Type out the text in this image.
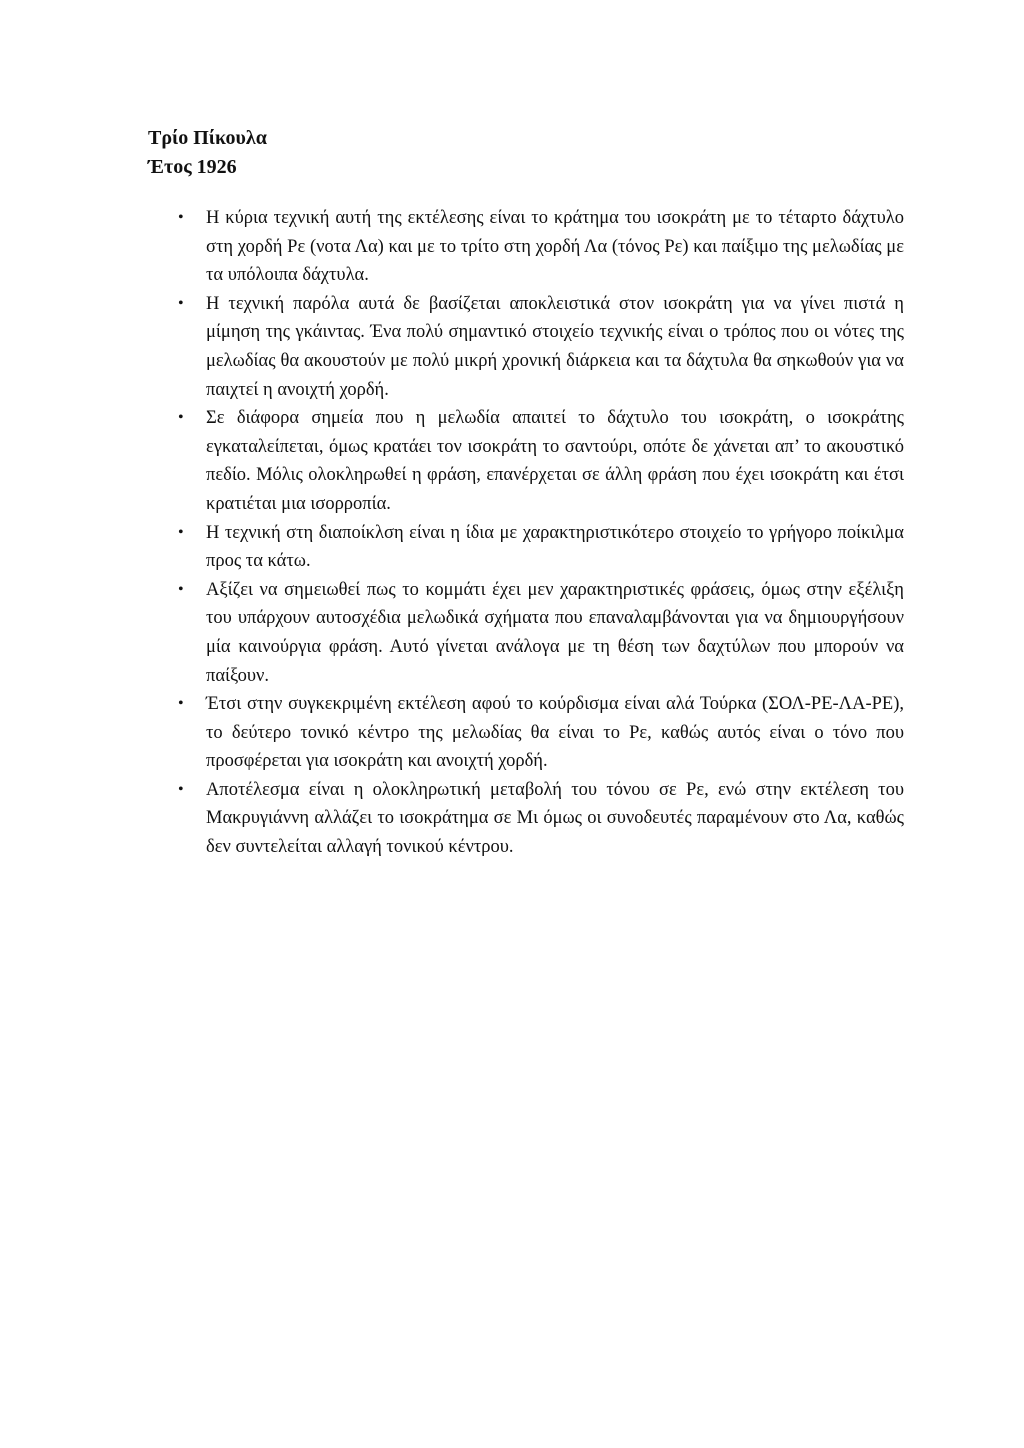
Τρίο Πίκουλα
Έτος 1926
• Η κύρια τεχνική αυτή της εκτέλεσης είναι το κράτημα του ισοκράτη με το τέταρτο δάχτυλο στη χορδή Ρε (νοτα Λα) και με το τρίτο στη χορδή Λα (τόνος Ρε) και παίξιμο της μελωδίας με τα υπόλοιπα δάχτυλα.
• Η τεχνική παρόλα αυτά δε βασίζεται αποκλειστικά στον ισοκράτη για να γίνει πιστά η μίμηση της γκάιντας. Ένα πολύ σημαντικό στοιχείο τεχνικής είναι ο τρόπος που οι νότες της μελωδίας θα ακουστούν με πολύ μικρή χρονική διάρκεια και τα δάχτυλα θα σηκωθούν για να παιχτεί η ανοιχτή χορδή.
• Σε διάφορα σημεία που η μελωδία απαιτεί το δάχτυλο του ισοκράτη, ο ισοκράτης εγκαταλείπεται, όμως κρατάει τον ισοκράτη το σαντούρι, οπότε δε χάνεται απ’ το ακουστικό πεδίο. Μόλις ολοκληρωθεί η φράση, επανέρχεται σε άλλη φράση που έχει ισοκράτη και έτσι κρατιέται μια ισορροπία.
• Η τεχνική στη διαποίκλση είναι η ίδια με χαρακτηριστικότερο στοιχείο το γρήγορο ποίκιλμα προς τα κάτω.
• Αξίζει να σημειωθεί πως το κομμάτι έχει μεν χαρακτηριστικές φράσεις, όμως στην εξέλιξη του υπάρχουν αυτοσχέδια μελωδικά σχήματα που επαναλαμβάνονται για να δημιουργήσουν μία καινούργια φράση. Αυτό γίνεται ανάλογα με τη θέση των δαχτύλων που μπορούν να παίξουν.
• Έτσι στην συγκεκριμένη εκτέλεση αφού το κούρδισμα είναι αλά Τούρκα (ΣΟΛ-ΡΕ-ΛΑ-ΡΕ), το δεύτερο τονικό κέντρο της μελωδίας θα είναι το Ρε, καθώς αυτός είναι ο τόνο που προσφέρεται για ισοκράτη και ανοιχτή χορδή.
• Αποτέλεσμα είναι η ολοκληρωτική μεταβολή του τόνου σε Ρε, ενώ στην εκτέλεση του Μακρυγιάννη αλλάζει το ισοκράτημα σε Μι όμως οι συνοδευτές παραμένουν στο Λα, καθώς δεν συντελείται αλλαγή τονικού κέντρου.
